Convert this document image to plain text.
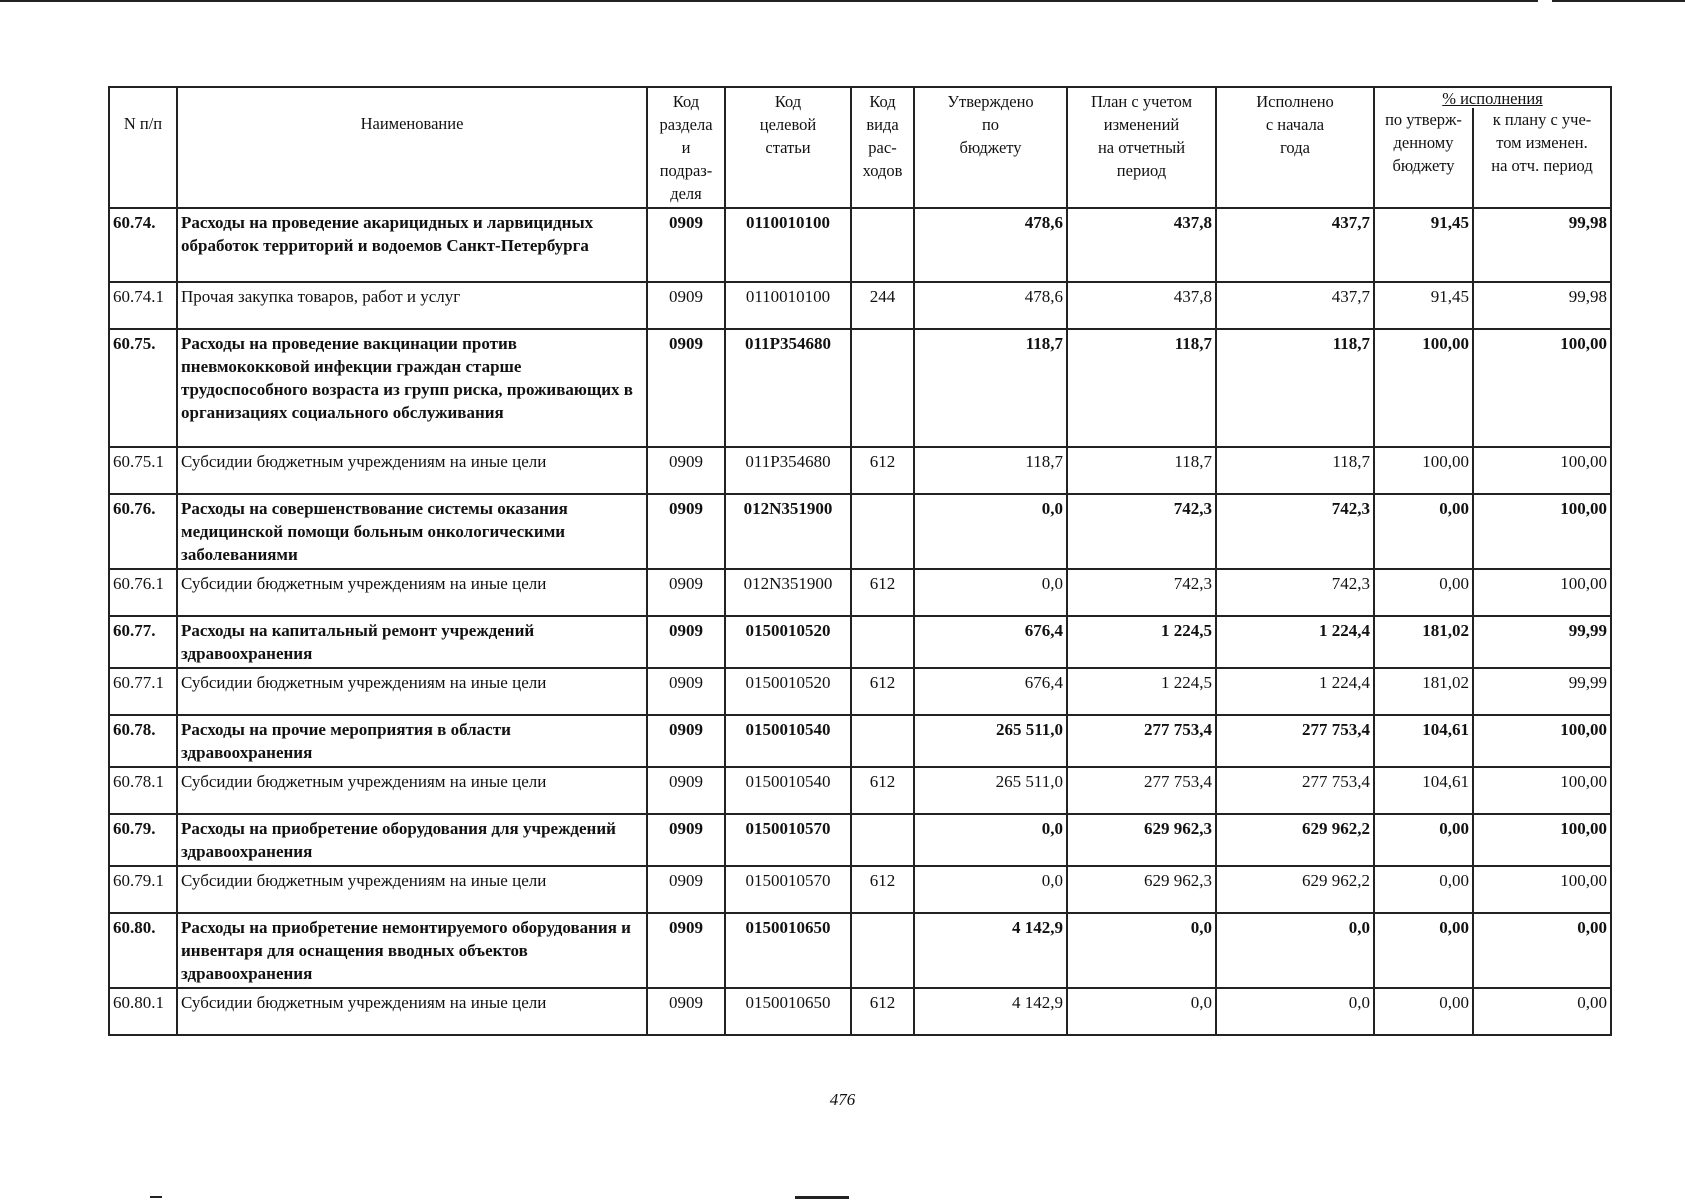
N п/п	Наименование	Код
раздела
и
подраз-
деля	Код
целевой
статьи	Код
вида
рас-
ходов	Утверждено
по
бюджету	План с учетом
изменений
на отчетный
период	Исполнено
с начала
года	% исполнения	
								по утверж-
денному
бюджету	к плану с уче-
том изменен.
на отч. период
60.74.	Расходы на проведение акарицидных и ларвицидных обработок территорий и водоемов Санкт-Петербурга	0909	0110010100		478,6	437,8	437,7	91,45	99,98
60.74.1	Прочая закупка товаров, работ и услуг	0909	0110010100	244	478,6	437,8	437,7	91,45	99,98
60.75.	Расходы на проведение вакцинации против пневмококковой инфекции граждан старше трудоспособного возраста из групп риска, проживающих в организациях социального обслуживания	0909	011P354680		118,7	118,7	118,7	100,00	100,00
60.75.1	Субсидии бюджетным учреждениям на иные цели	0909	011P354680	612	118,7	118,7	118,7	100,00	100,00
60.76.	Расходы на совершенствование системы оказания медицинской помощи больным онкологическими заболеваниями	0909	012N351900		0,0	742,3	742,3	0,00	100,00
60.76.1	Субсидии бюджетным учреждениям на иные цели	0909	012N351900	612	0,0	742,3	742,3	0,00	100,00
60.77.	Расходы на капитальный ремонт учреждений здравоохранения	0909	0150010520		676,4	1 224,5	1 224,4	181,02	99,99
60.77.1	Субсидии бюджетным учреждениям на иные цели	0909	0150010520	612	676,4	1 224,5	1 224,4	181,02	99,99
60.78.	Расходы на прочие мероприятия в области здравоохранения	0909	0150010540		265 511,0	277 753,4	277 753,4	104,61	100,00
60.78.1	Субсидии бюджетным учреждениям на иные цели	0909	0150010540	612	265 511,0	277 753,4	277 753,4	104,61	100,00
60.79.	Расходы на приобретение оборудования для учреждений здравоохранения	0909	0150010570		0,0	629 962,3	629 962,2	0,00	100,00
60.79.1	Субсидии бюджетным учреждениям на иные цели	0909	0150010570	612	0,0	629 962,3	629 962,2	0,00	100,00
60.80.	Расходы на приобретение немонтируемого оборудования и инвентаря для оснащения вводных объектов здравоохранения	0909	0150010650		4 142,9	0,0	0,0	0,00	0,00
60.80.1	Субсидии бюджетным учреждениям на иные цели	0909	0150010650	612	4 142,9	0,0	0,0	0,00	0,00
476
